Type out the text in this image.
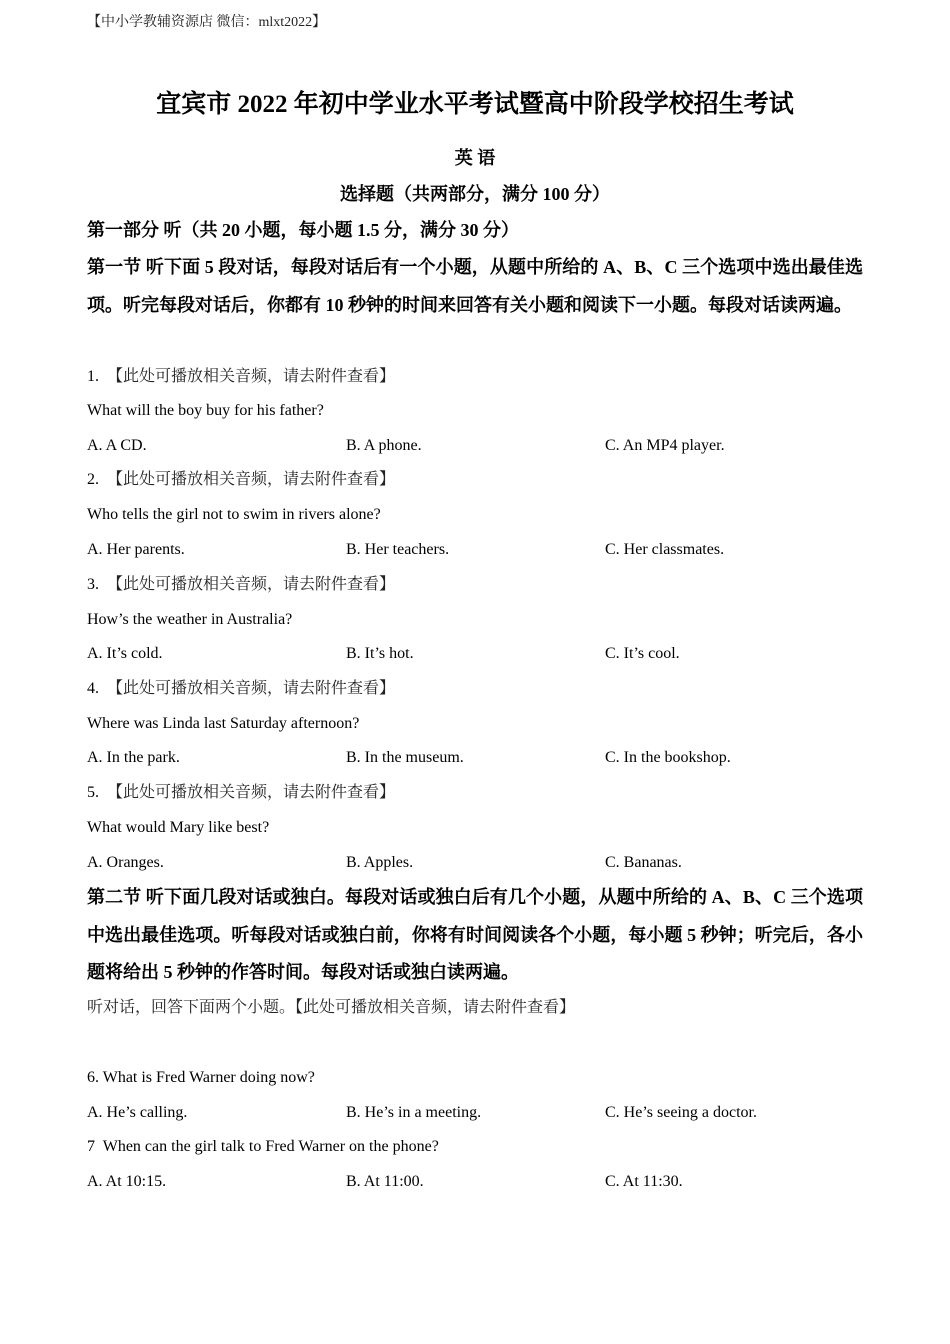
【中小学教辅资源店 微信：mlxt2022】
宜宾市 2022 年初中学业水平考试暨高中阶段学校招生考试
英 语
选择题（共两部分，满分 100 分）
第一部分 听（共 20 小题，每小题 1.5 分，满分 30 分）
第一节 听下面 5 段对话，每段对话后有一个小题，从题中所给的 A、B、C 三个选项中选出最佳选项。听完每段对话后，你都有 10 秒钟的时间来回答有关小题和阅读下一小题。每段对话读两遍。
1. 【此处可播放相关音频，请去附件查看】
What will the boy buy for his father?
A. A CD.	B. A phone.	C. An MP4 player.
2. 【此处可播放相关音频，请去附件查看】
Who tells the girl not to swim in rivers alone?
A. Her parents.	B. Her teachers.	C. Her classmates.
3. 【此处可播放相关音频，请去附件查看】
How’s the weather in Australia?
A. It’s cold.	B. It’s hot.	C. It’s cool.
4. 【此处可播放相关音频，请去附件查看】
Where was Linda last Saturday afternoon?
A. In the park.	B. In the museum.	C. In the bookshop.
5. 【此处可播放相关音频，请去附件查看】
What would Mary like best?
A. Oranges.	B. Apples.	C. Bananas.
第二节 听下面几段对话或独白。每段对话或独白后有几个小题，从题中所给的 A、B、C 三个选项中选出最佳选项。听每段对话或独白前，你将有时间阅读各个小题，每小题 5 秒钟；听完后，各小题将给出 5 秒钟的作答时间。每段对话或独白读两遍。
听对话，回答下面两个小题。【此处可播放相关音频，请去附件查看】
6. What is Fred Warner doing now?
A. He’s calling.	B. He’s in a meeting.	C. He’s seeing a doctor.
7  When can the girl talk to Fred Warner on the phone?
A. At 10:15.	B. At 11:00.	C. At 11:30.
